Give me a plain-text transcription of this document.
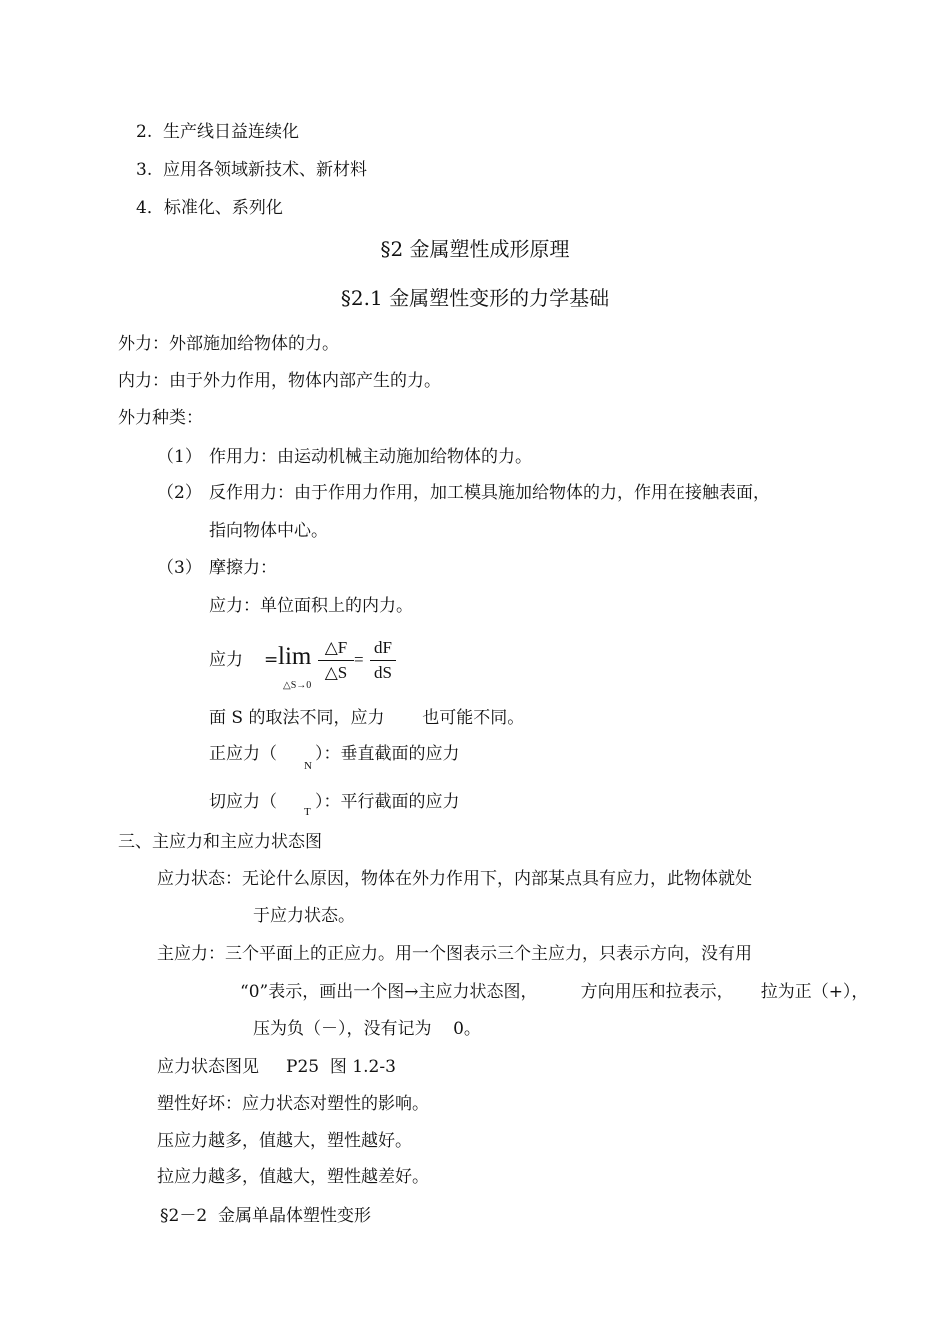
2.  生产线日益连续化
3.  应用各领域新技术、新材料
4．标准化、系列化
§2 金属塑性成形原理
§2.1 金属塑性变形的力学基础
外力：外部施加给物体的力。
内力：由于外力作用，物体内部产生的力。
外力种类：
（1） 作用力：由运动机械主动施加给物体的力。
（2） 反作用力：由于作用力作用，加工模具施加给物体的力，作用在接触表面，
指向物体中心。
（3） 摩擦力：
应力：单位面积上的内力。
应力 = lim
△S→0
△F
△S
=
dF
dS
面 S 的取法不同，应力       也可能不同。
正应力（
N
）：垂直截面的应力
切应力（ T ）：平行截面的应力
三、主应力和主应力状态图
应力状态：无论什么原因，物体在外力作用下，内部某点具有应力，此物体就处
于应力状态。
主应力：三个平面上的正应力。用一个图表示三个主应力，只表示方向，没有用
“0”表示，画出一个图→主应力状态图，        方向用压和拉表示，     拉为正（+），
压为负（－），没有记为    0。
应力状态图见     P25  图 1.2-3
塑性好坏：应力状态对塑性的影响。
压应力越多，值越大，塑性越好。
拉应力越多，值越大，塑性越差好。
§2－2  金属单晶体塑性变形
